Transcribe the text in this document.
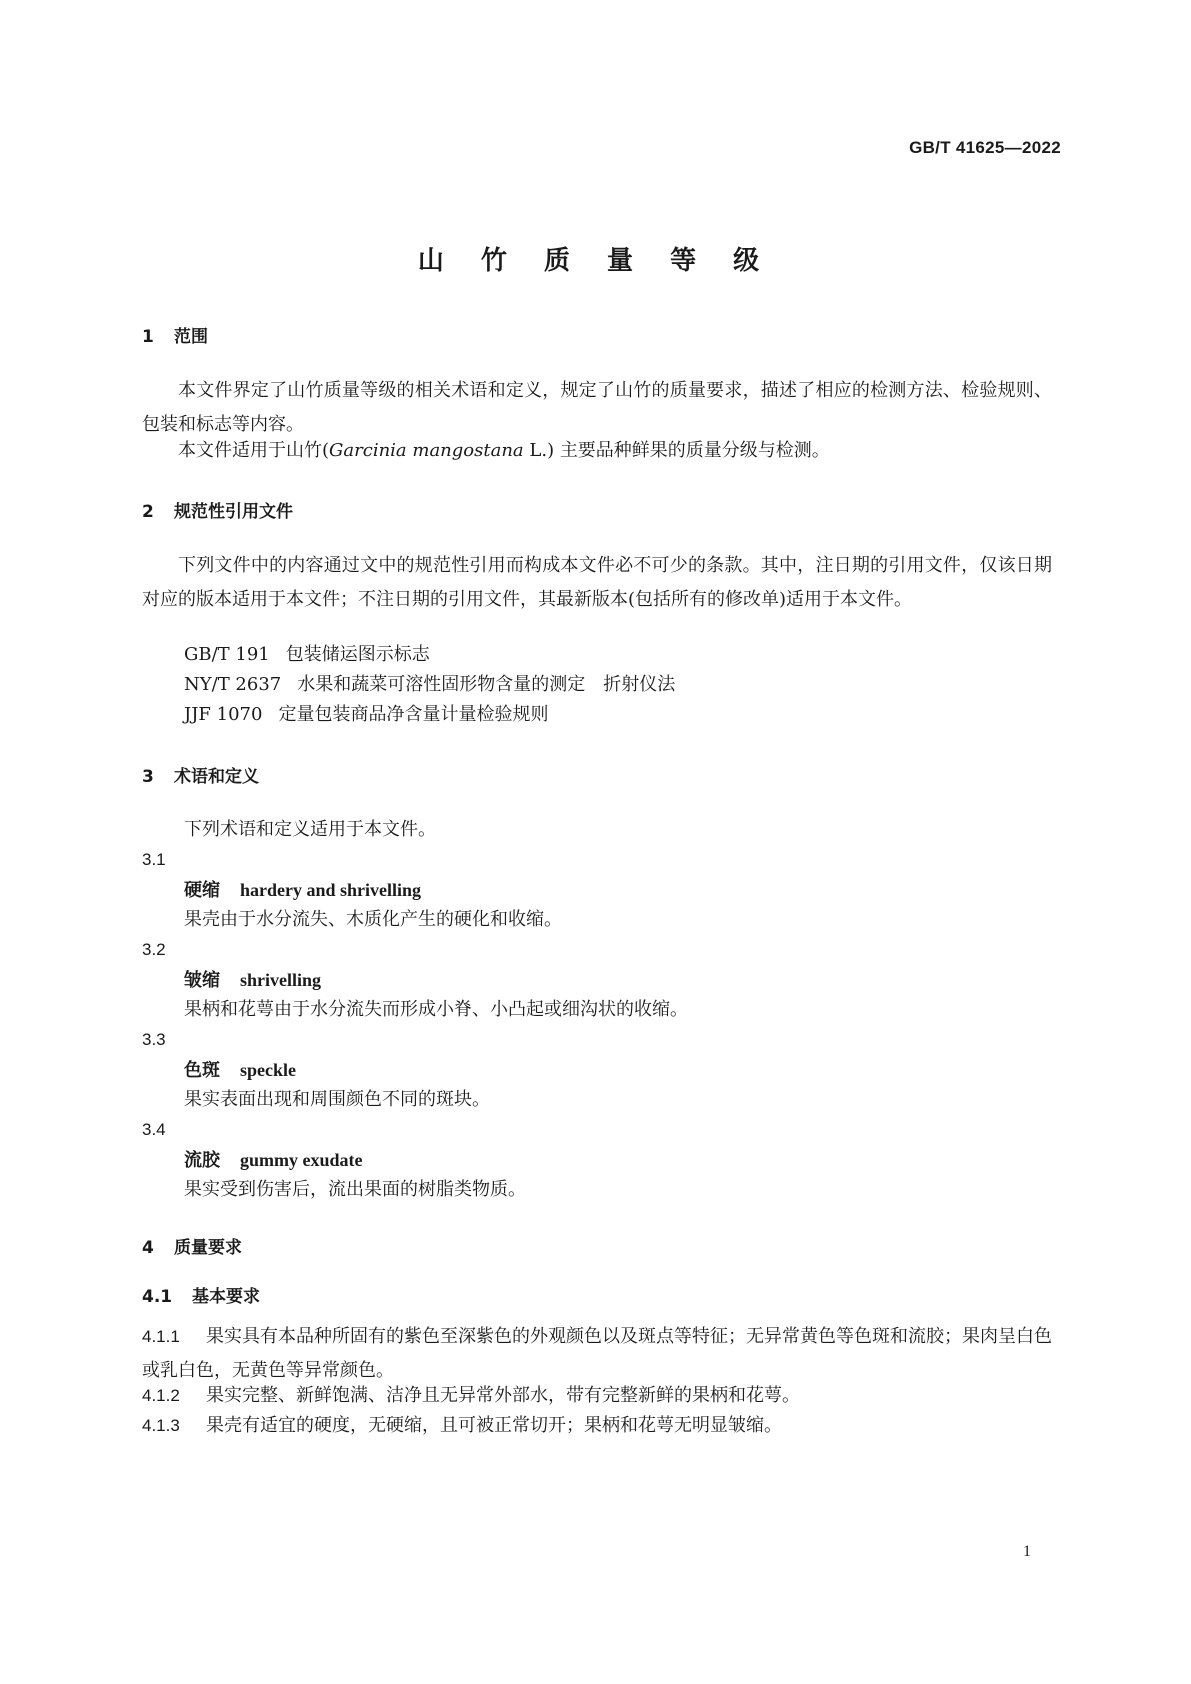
GB/T 41625—2022
山 竹 质 量 等 级
1 范围
本文件界定了山竹质量等级的相关术语和定义，规定了山竹的质量要求，描述了相应的检测方法、检验规则、包装和标志等内容。
本文件适用于山竹(Garcinia mangostana L.) 主要品种鲜果的质量分级与检测。
2 规范性引用文件
下列文件中的内容通过文中的规范性引用而构成本文件必不可少的条款。其中，注日期的引用文件，仅该日期对应的版本适用于本文件；不注日期的引用文件，其最新版本(包括所有的修改单)适用于本文件。
GB/T 191 包装储运图示标志
NY/T 2637 水果和蔬菜可溶性固形物含量的测定　折射仪法
JJF 1070 定量包装商品净含量计量检验规则
3 术语和定义
下列术语和定义适用于本文件。
3.1
硬缩 hardery and shrivelling
果壳由于水分流失、木质化产生的硬化和收缩。
3.2
皱缩 shrivelling
果柄和花萼由于水分流失而形成小脊、小凸起或细沟状的收缩。
3.3
色斑 speckle
果实表面出现和周围颜色不同的斑块。
3.4
流胶 gummy exudate
果实受到伤害后，流出果面的树脂类物质。
4 质量要求
4.1 基本要求
4.1.1 果实具有本品种所固有的紫色至深紫色的外观颜色以及斑点等特征；无异常黄色等色斑和流胶；果肉呈白色或乳白色，无黄色等异常颜色。
4.1.2 果实完整、新鲜饱满、洁净且无异常外部水，带有完整新鲜的果柄和花萼。
4.1.3 果壳有适宜的硬度，无硬缩，且可被正常切开；果柄和花萼无明显皱缩。
1
